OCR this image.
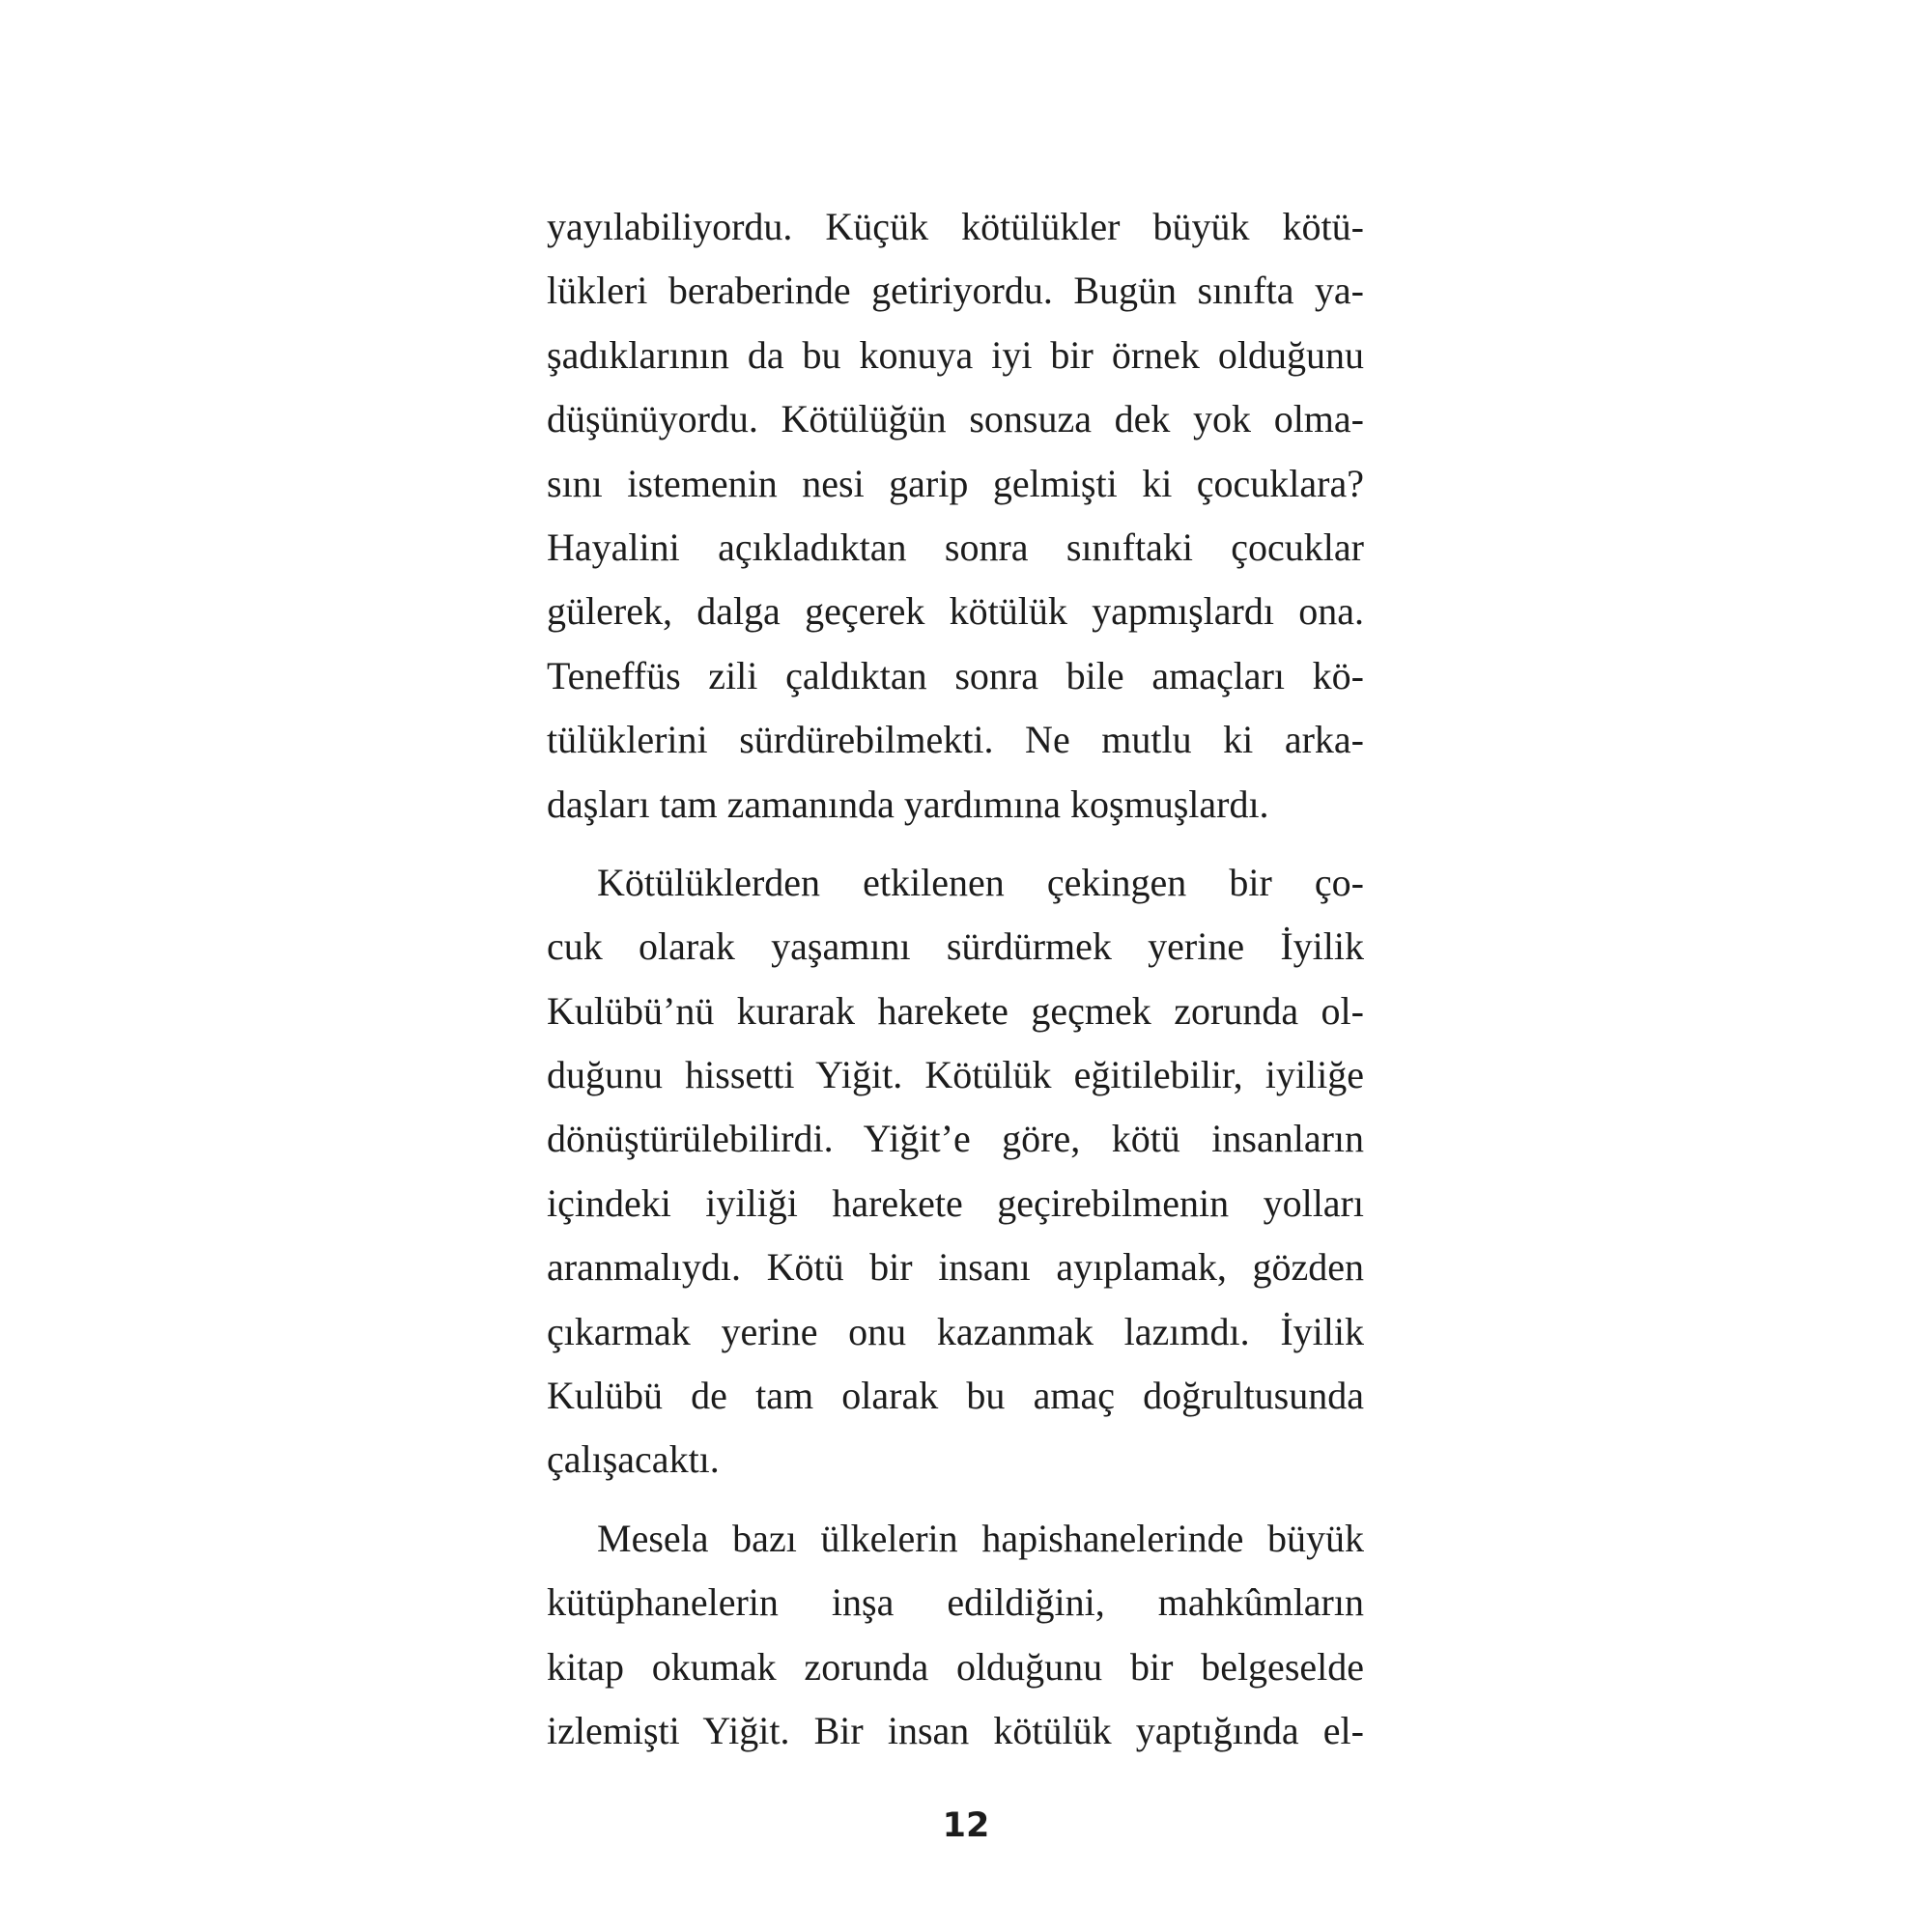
yayılabiliyordu. Küçük kötülükler büyük kötü-
lükleri beraberinde getiriyordu. Bugün sınıfta ya-
şadıklarının da bu konuya iyi bir örnek olduğunu
düşünüyordu. Kötülüğün sonsuza dek yok olma-
sını istemenin nesi garip gelmişti ki çocuklara?
Hayalini açıkladıktan sonra sınıftaki çocuklar
gülerek, dalga geçerek kötülük yapmışlardı ona.
Teneffüs zili çaldıktan sonra bile amaçları kö-
tülüklerini sürdürebilmekti. Ne mutlu ki arka-
daşları tam zamanında yardımına koşmuşlardı.
Kötülüklerden etkilenen çekingen bir ço-
cuk olarak yaşamını sürdürmek yerine İyilik
Kulübü’nü kurarak harekete geçmek zorunda ol-
duğunu hissetti Yiğit. Kötülük eğitilebilir, iyiliğe
dönüştürülebilirdi. Yiğit’e göre, kötü insanların
içindeki iyiliği harekete geçirebilmenin yolları
aranmalıydı. Kötü bir insanı ayıplamak, gözden
çıkarmak yerine onu kazanmak lazımdı. İyilik
Kulübü de tam olarak bu amaç doğrultusunda
çalışacaktı.
Mesela bazı ülkelerin hapishanelerinde büyük
kütüphanelerin inşa edildiğini, mahkûmların
kitap okumak zorunda olduğunu bir belgeselde
izlemişti Yiğit. Bir insan kötülük yaptığında el-
12
